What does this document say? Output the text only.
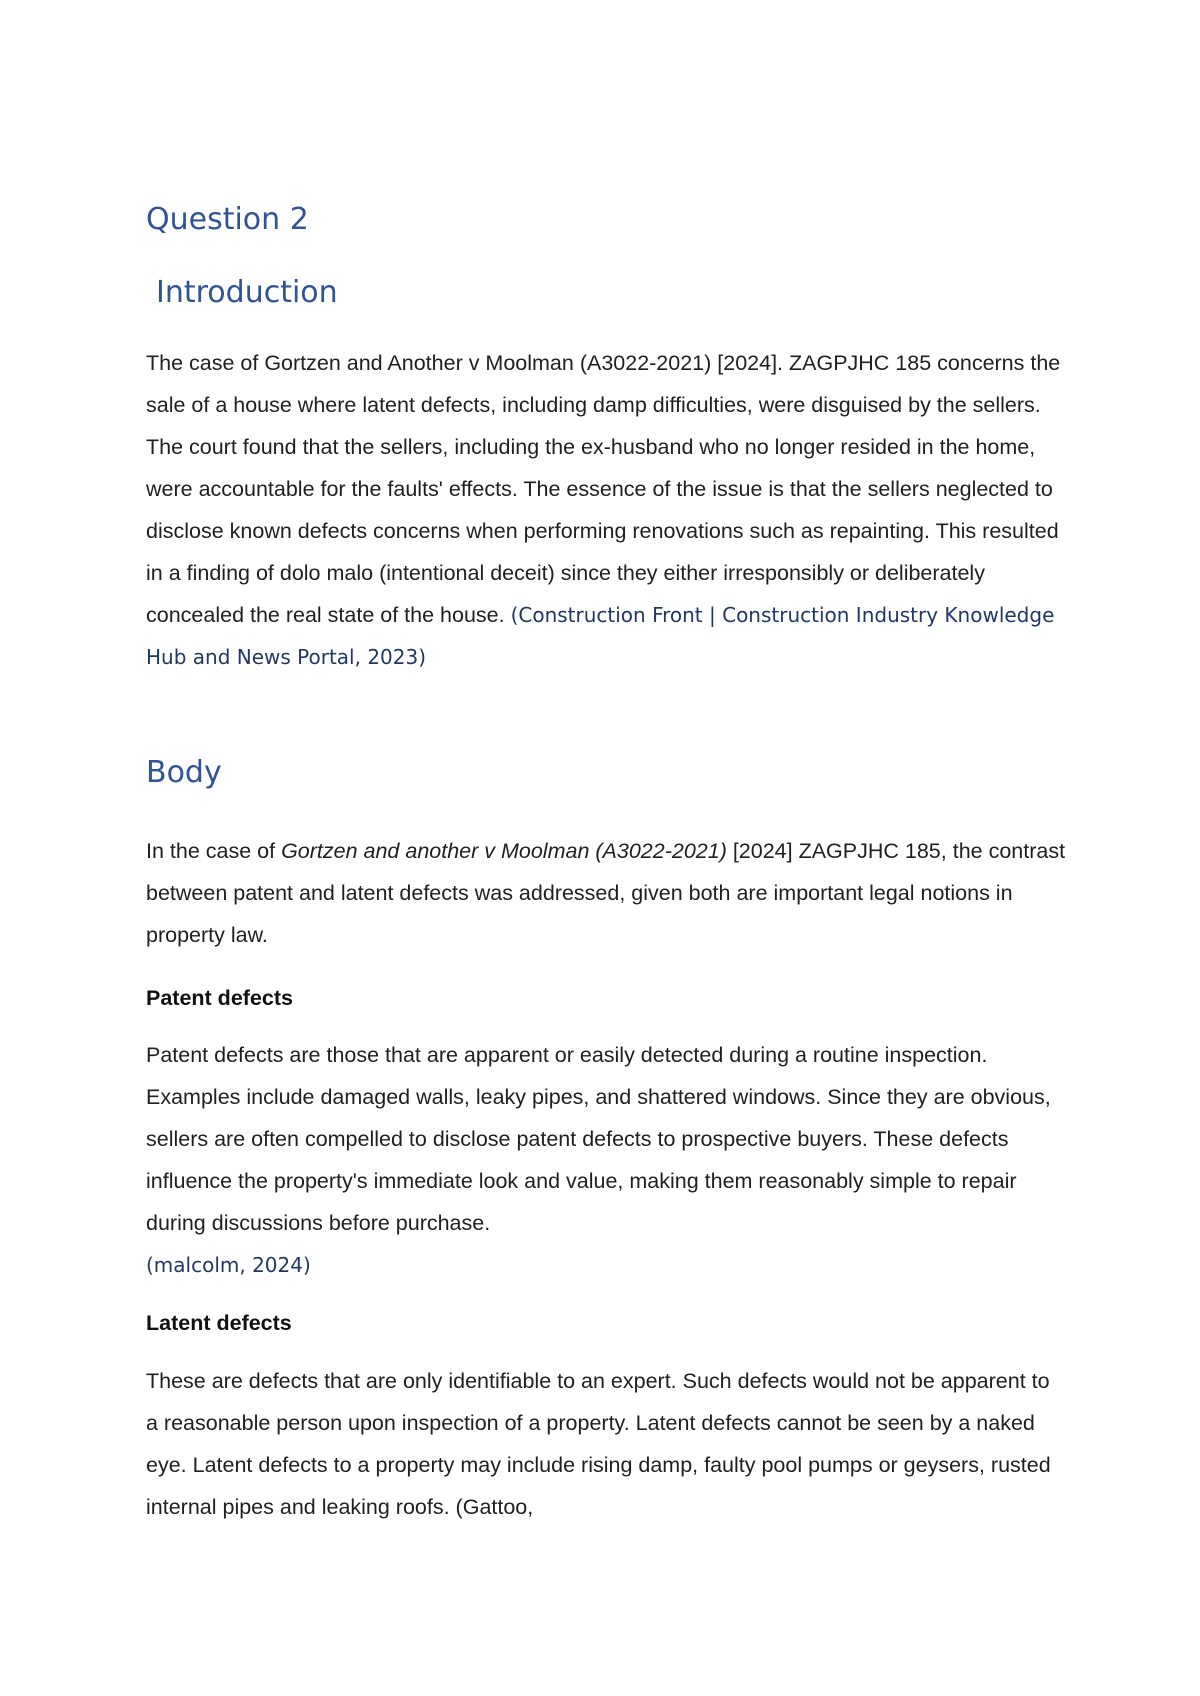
Question 2
Introduction

The case of Gortzen and Another v Moolman (A3022-2021) [2024]. ZAGPJHC 185 concerns the sale of a house where latent defects, including damp difficulties, were disguised by the sellers. The court found that the sellers, including the ex-husband who no longer resided in the home, were accountable for the faults' effects. The essence of the issue is that the sellers neglected to disclose known defects concerns when performing renovations such as repainting. This resulted in a finding of dolo malo (intentional deceit) since they either irresponsibly or deliberately concealed the real state of the house. (Construction Front | Construction Industry Knowledge Hub and News Portal, 2023)

Body

In the case of Gortzen and another v Moolman (A3022-2021) [2024] ZAGPJHC 185, the contrast between patent and latent defects was addressed, given both are important legal notions in property law.

Patent defects

Patent defects are those that are apparent or easily detected during a routine inspection. Examples include damaged walls, leaky pipes, and shattered windows. Since they are obvious, sellers are often compelled to disclose patent defects to prospective buyers. These defects influence the property's immediate look and value, making them reasonably simple to repair during discussions before purchase.
(malcolm, 2024)

Latent defects

These are defects that are only identifiable to an expert. Such defects would not be apparent to a reasonable person upon inspection of a property. Latent defects cannot be seen by a naked eye. Latent defects to a property may include rising damp, faulty pool pumps or geysers, rusted internal pipes and leaking roofs. (Gattoo,
